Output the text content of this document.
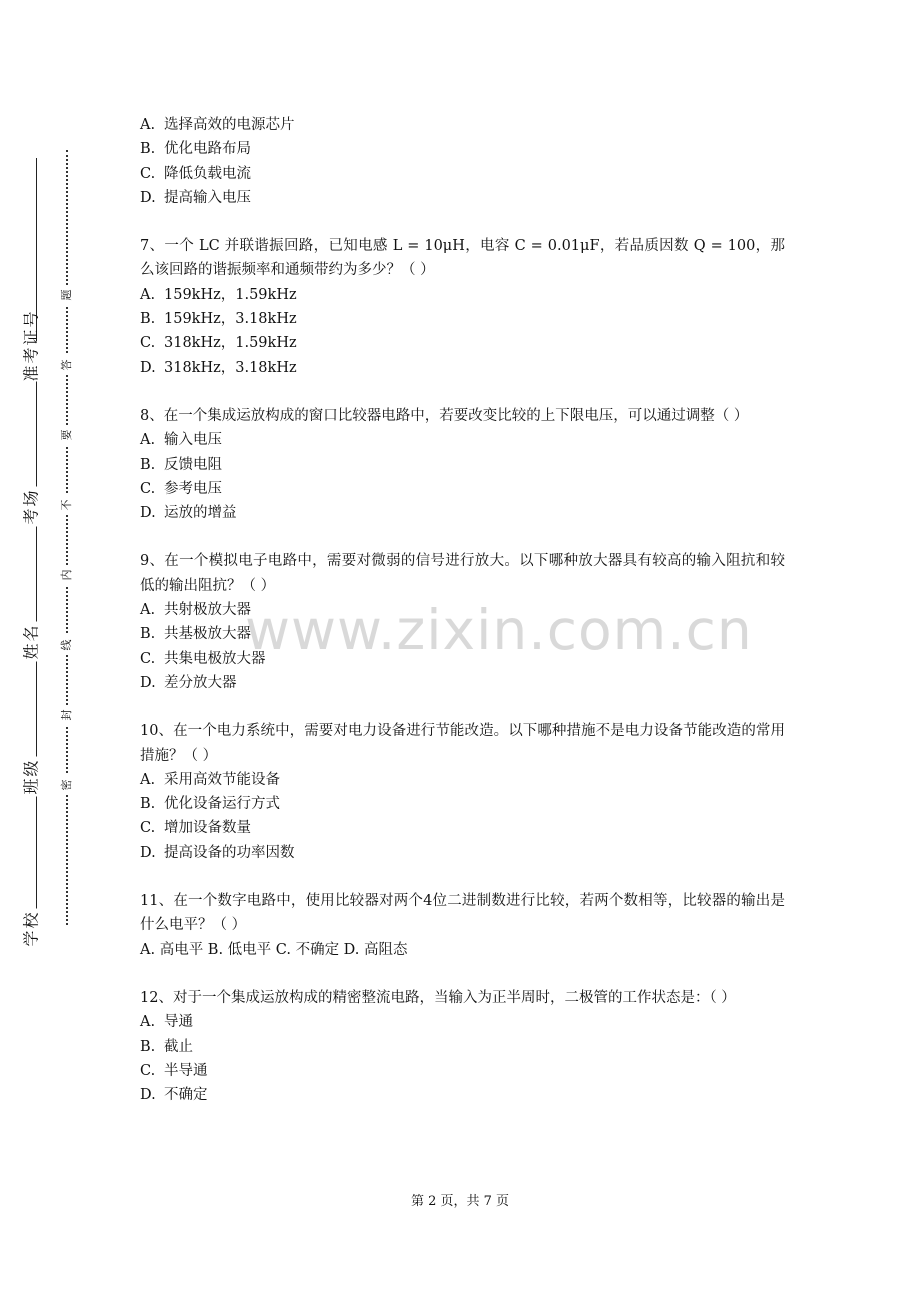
准考证号
考场
姓名
班级
学校
题
答
要
不
内
线
封
密
www.zixin.com.cn
A. 选择高效的电源芯片
B. 优化电路布局
C. 降低负载电流
D. 提高输入电压
7、一个 LC 并联谐振回路，已知电感 L = 10μH，电容 C = 0.01μF，若品质因数 Q = 100，那么该回路的谐振频率和通频带约为多少？（ ）
A. 159kHz，1.59kHz
B. 159kHz，3.18kHz
C. 318kHz，1.59kHz
D. 318kHz，3.18kHz
8、在一个集成运放构成的窗口比较器电路中，若要改变比较的上下限电压，可以通过调整（ ）
A. 输入电压
B. 反馈电阻
C. 参考电压
D. 运放的增益
9、在一个模拟电子电路中，需要对微弱的信号进行放大。以下哪种放大器具有较高的输入阻抗和较低的输出阻抗？（ ）
A. 共射极放大器
B. 共基极放大器
C. 共集电极放大器
D. 差分放大器
10、在一个电力系统中，需要对电力设备进行节能改造。以下哪种措施不是电力设备节能改造的常用措施？（ ）
A. 采用高效节能设备
B. 优化设备运行方式
C. 增加设备数量
D. 提高设备的功率因数
11、在一个数字电路中，使用比较器对两个4位二进制数进行比较，若两个数相等，比较器的输出是什么电平？（ ）
A. 高电平 B. 低电平 C. 不确定 D. 高阻态
12、对于一个集成运放构成的精密整流电路，当输入为正半周时，二极管的工作状态是：（ ）
A. 导通
B. 截止
C. 半导通
D. 不确定
第 2 页，共 7 页
